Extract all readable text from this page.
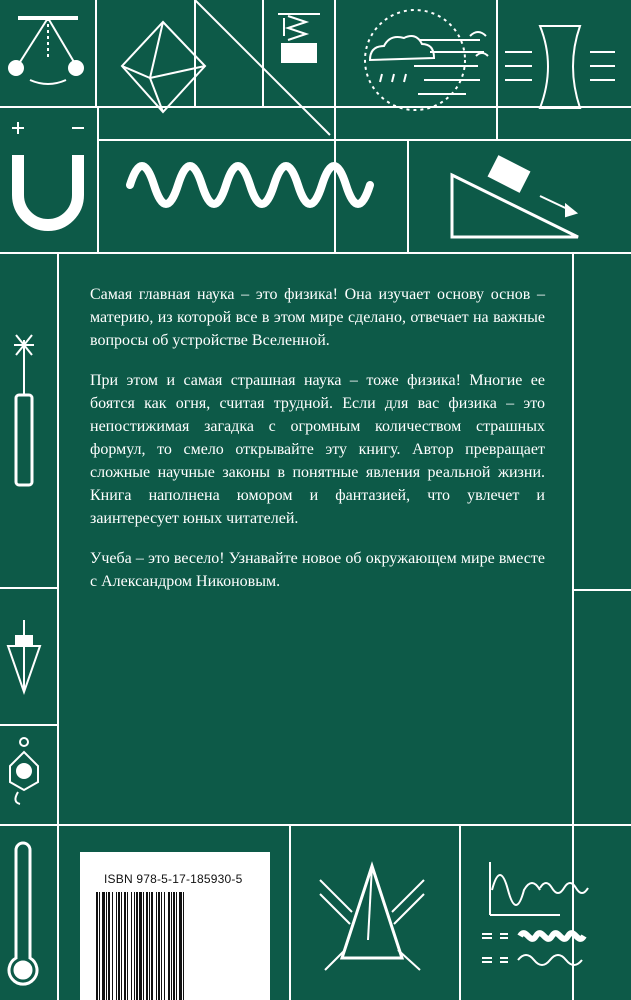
Самая главная наука – это физика! Она изучает основу основ – материю, из которой все в этом мире сделано, отвечает на важные вопросы об устройстве Вселенной.

При этом и самая страшная наука – тоже физика! Многие ее боятся как огня, считая трудной. Если для вас физика – это непостижимая загадка с огромным количеством страшных формул, то смело открывайте эту книгу. Автор превращает сложные научные законы в понятные явления реальной жизни. Книга наполнена юмором и фантазией, что увлечет и заинтересует юных читателей.

Учеба – это весело! Узнавайте новое об окружающем мире вместе с Александром Никоновым.

ISBN 978-5-17-185930-5
